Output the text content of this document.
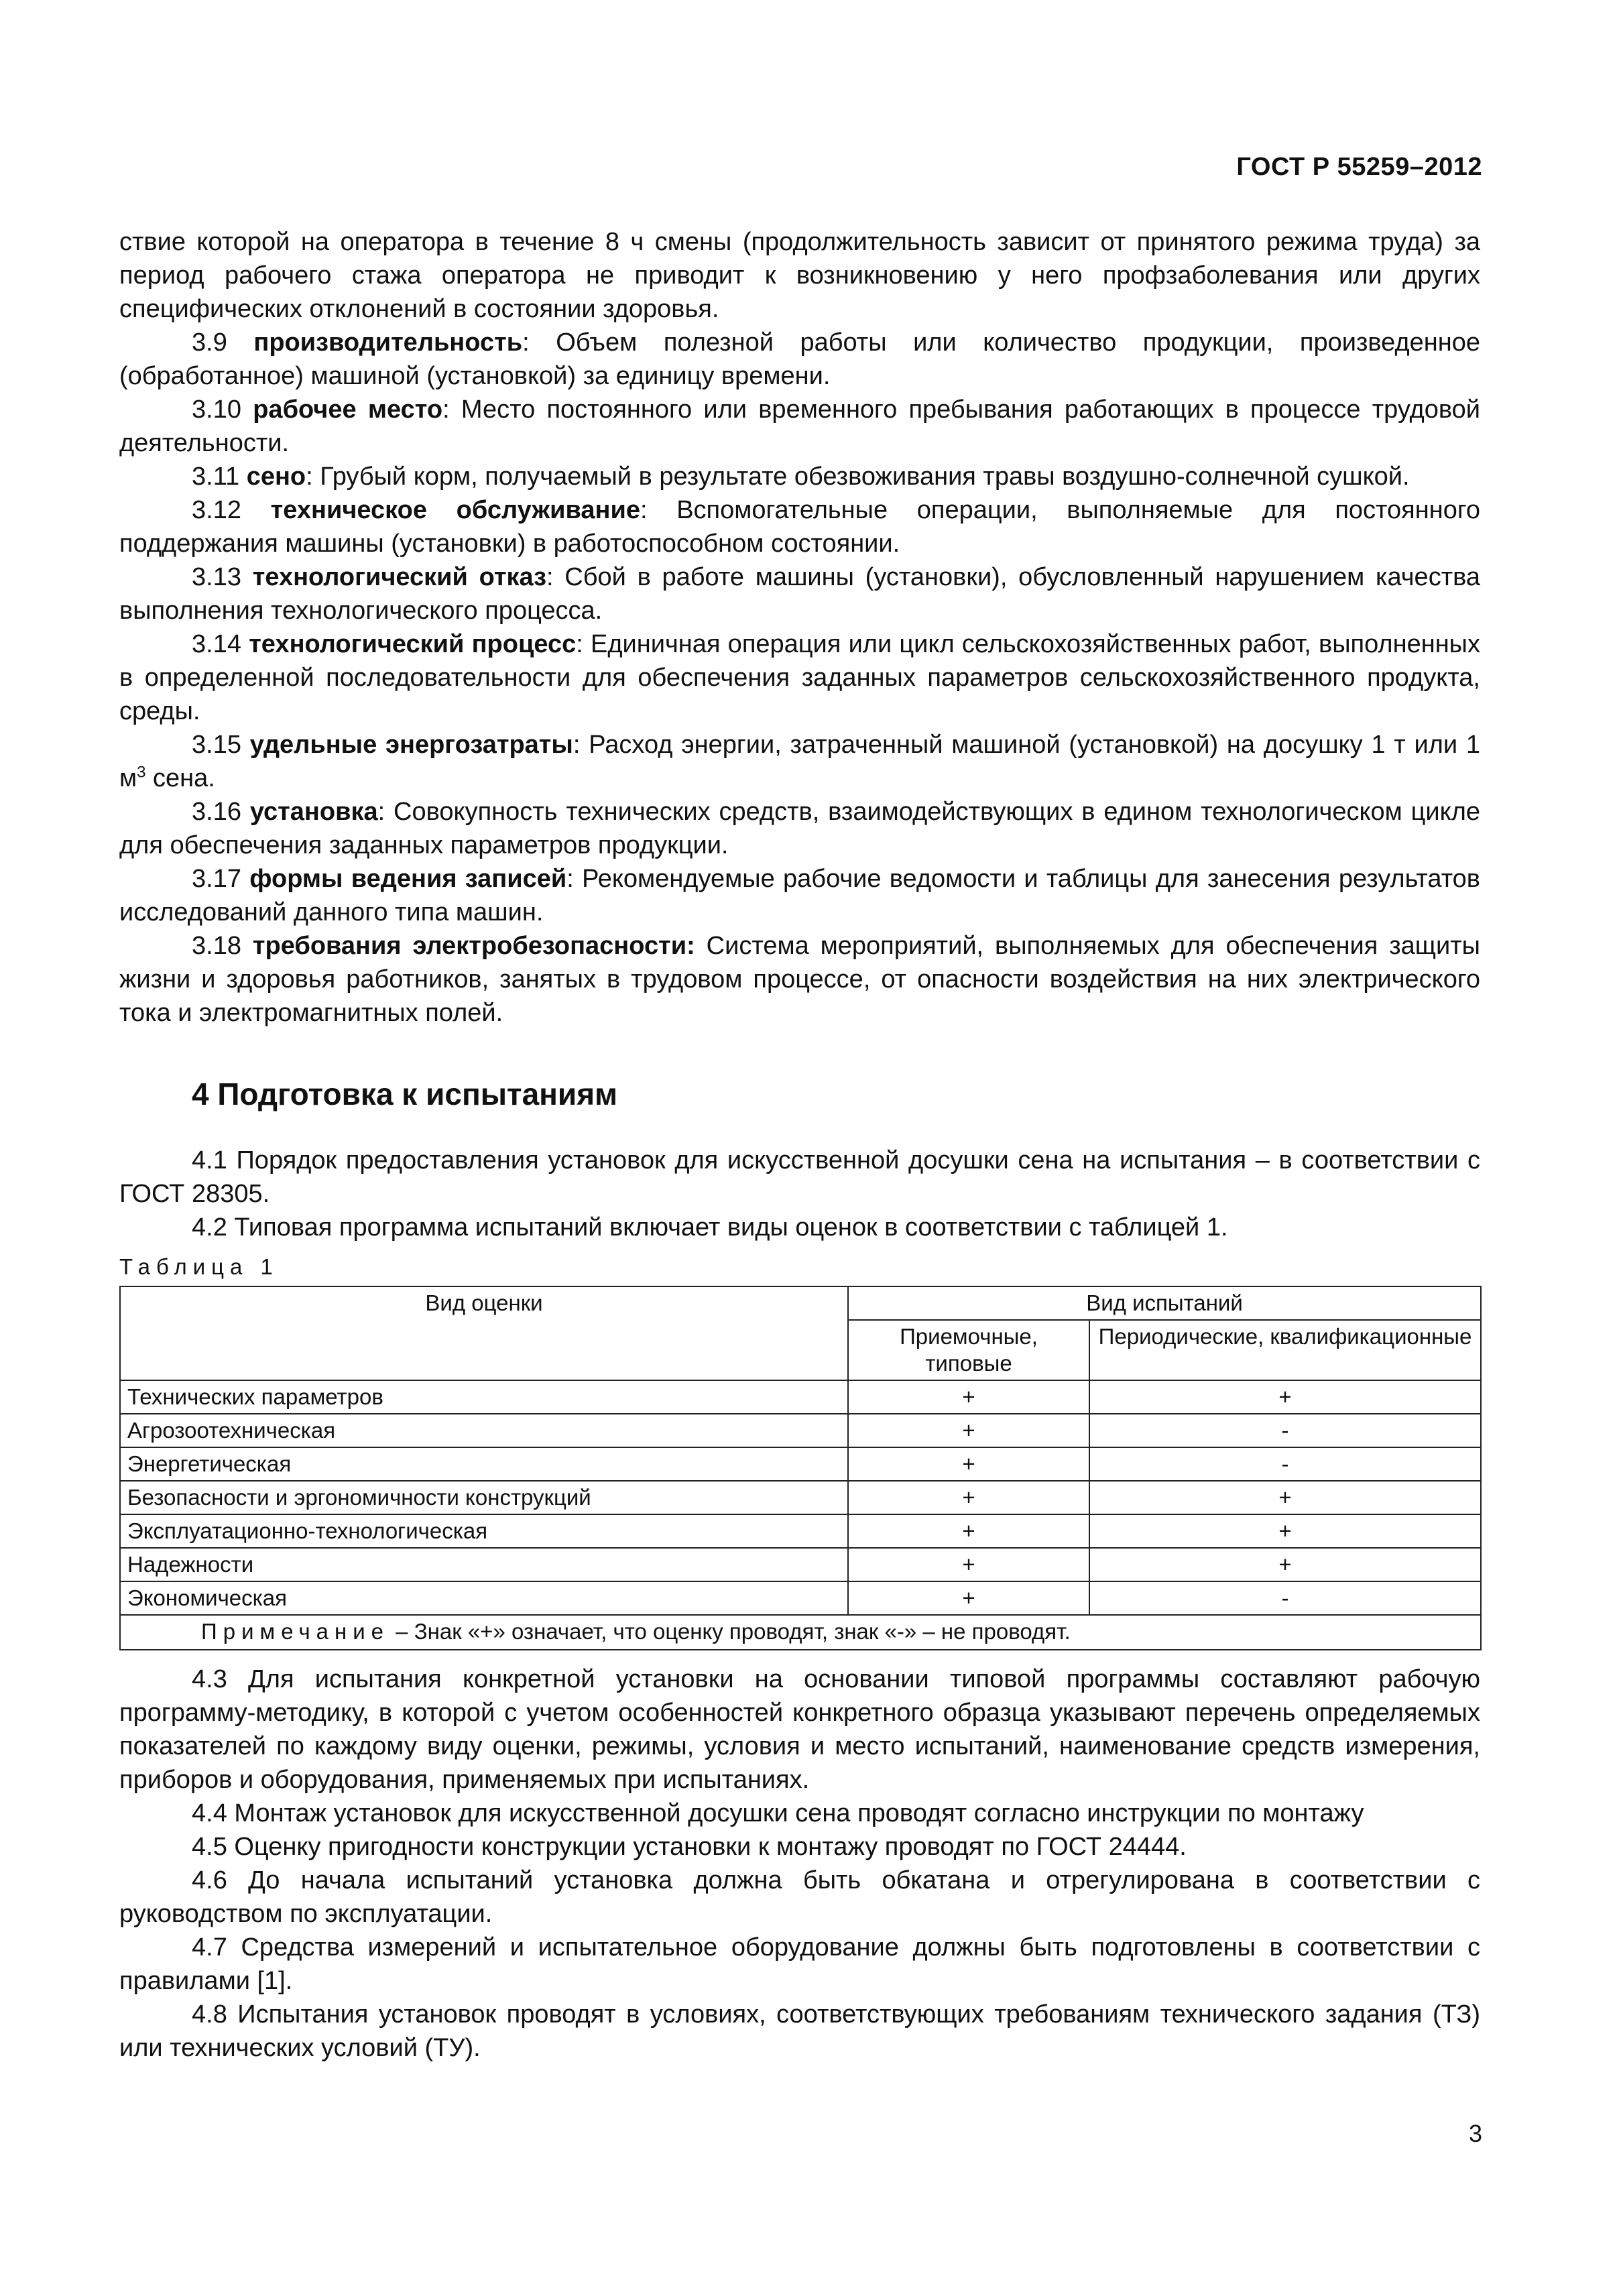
ГОСТ Р 55259–2012

ствие которой на оператора в течение 8 ч смены (продолжительность зависит от принятого режима труда) за период рабочего стажа оператора не приводит к возникновению у него профзаболевания или других специфических отклонений в состоянии здоровья.

3.9 производительность: Объем полезной работы или количество продукции, произведенное (обработанное) машиной (установкой) за единицу времени.

3.10 рабочее место: Место постоянного или временного пребывания работающих в процессе трудовой деятельности.

3.11 сено: Грубый корм, получаемый в результате обезвоживания травы воздушно-солнечной сушкой.

3.12 техническое обслуживание: Вспомогательные операции, выполняемые для постоянного поддержания машины (установки) в работоспособном состоянии.

3.13 технологический отказ: Сбой в работе машины (установки), обусловленный нарушением качества выполнения технологического процесса.

3.14 технологический процесс: Единичная операция или цикл сельскохозяйственных работ, выполненных в определенной последовательности для обеспечения заданных параметров сельскохозяйственного продукта, среды.

3.15 удельные энергозатраты: Расход энергии, затраченный машиной (установкой) на досушку 1 т или 1 $м^3$ сена.

3.16 установка: Совокупность технических средств, взаимодействующих в едином технологическом цикле для обеспечения заданных параметров продукции.

3.17 формы ведения записей: Рекомендуемые рабочие ведомости и таблицы для занесения результатов исследований данного типа машин.

3.18 требования электробезопасности: Система мероприятий, выполняемых для обеспечения защиты жизни и здоровья работников, занятых в трудовом процессе, от опасности воздействия на них электрического тока и электромагнитных полей.

4 Подготовка к испытаниям

4.1 Порядок предоставления установок для искусственной досушки сена на испытания – в соответствии с ГОСТ 28305.

4.2 Типовая программа испытаний включает виды оценок в соответствии с таблицей 1.

Таблица 1
Вид оценки	Вид испытаний	
	Приемочные, типовые	Периодические, квалификационные
Технических параметров	+	+
Агрозоотехническая	+	-
Энергетическая	+	-
Безопасности и эргономичности конструкций	+	+
Эксплуатационно-технологическая	+	+
Надежности	+	+
Экономическая	+	-
Примечание – Знак «+» означает, что оценку проводят, знак «-» – не проводят.		

4.3 Для испытания конкретной установки на основании типовой программы составляют рабочую программу-методику, в которой с учетом особенностей конкретного образца указывают перечень определяемых показателей по каждому виду оценки, режимы, условия и место испытаний, наименование средств измерения, приборов и оборудования, применяемых при испытаниях.

4.4 Монтаж установок для искусственной досушки сена проводят согласно инструкции по монтажу

4.5 Оценку пригодности конструкции установки к монтажу проводят по ГОСТ 24444.

4.6 До начала испытаний установка должна быть обкатана и отрегулирована в соответствии с руководством по эксплуатации.

4.7 Средства измерений и испытательное оборудование должны быть подготовлены в соответствии с правилами [1].

4.8 Испытания установок проводят в условиях, соответствующих требованиям технического задания (ТЗ) или технических условий (ТУ).

3
